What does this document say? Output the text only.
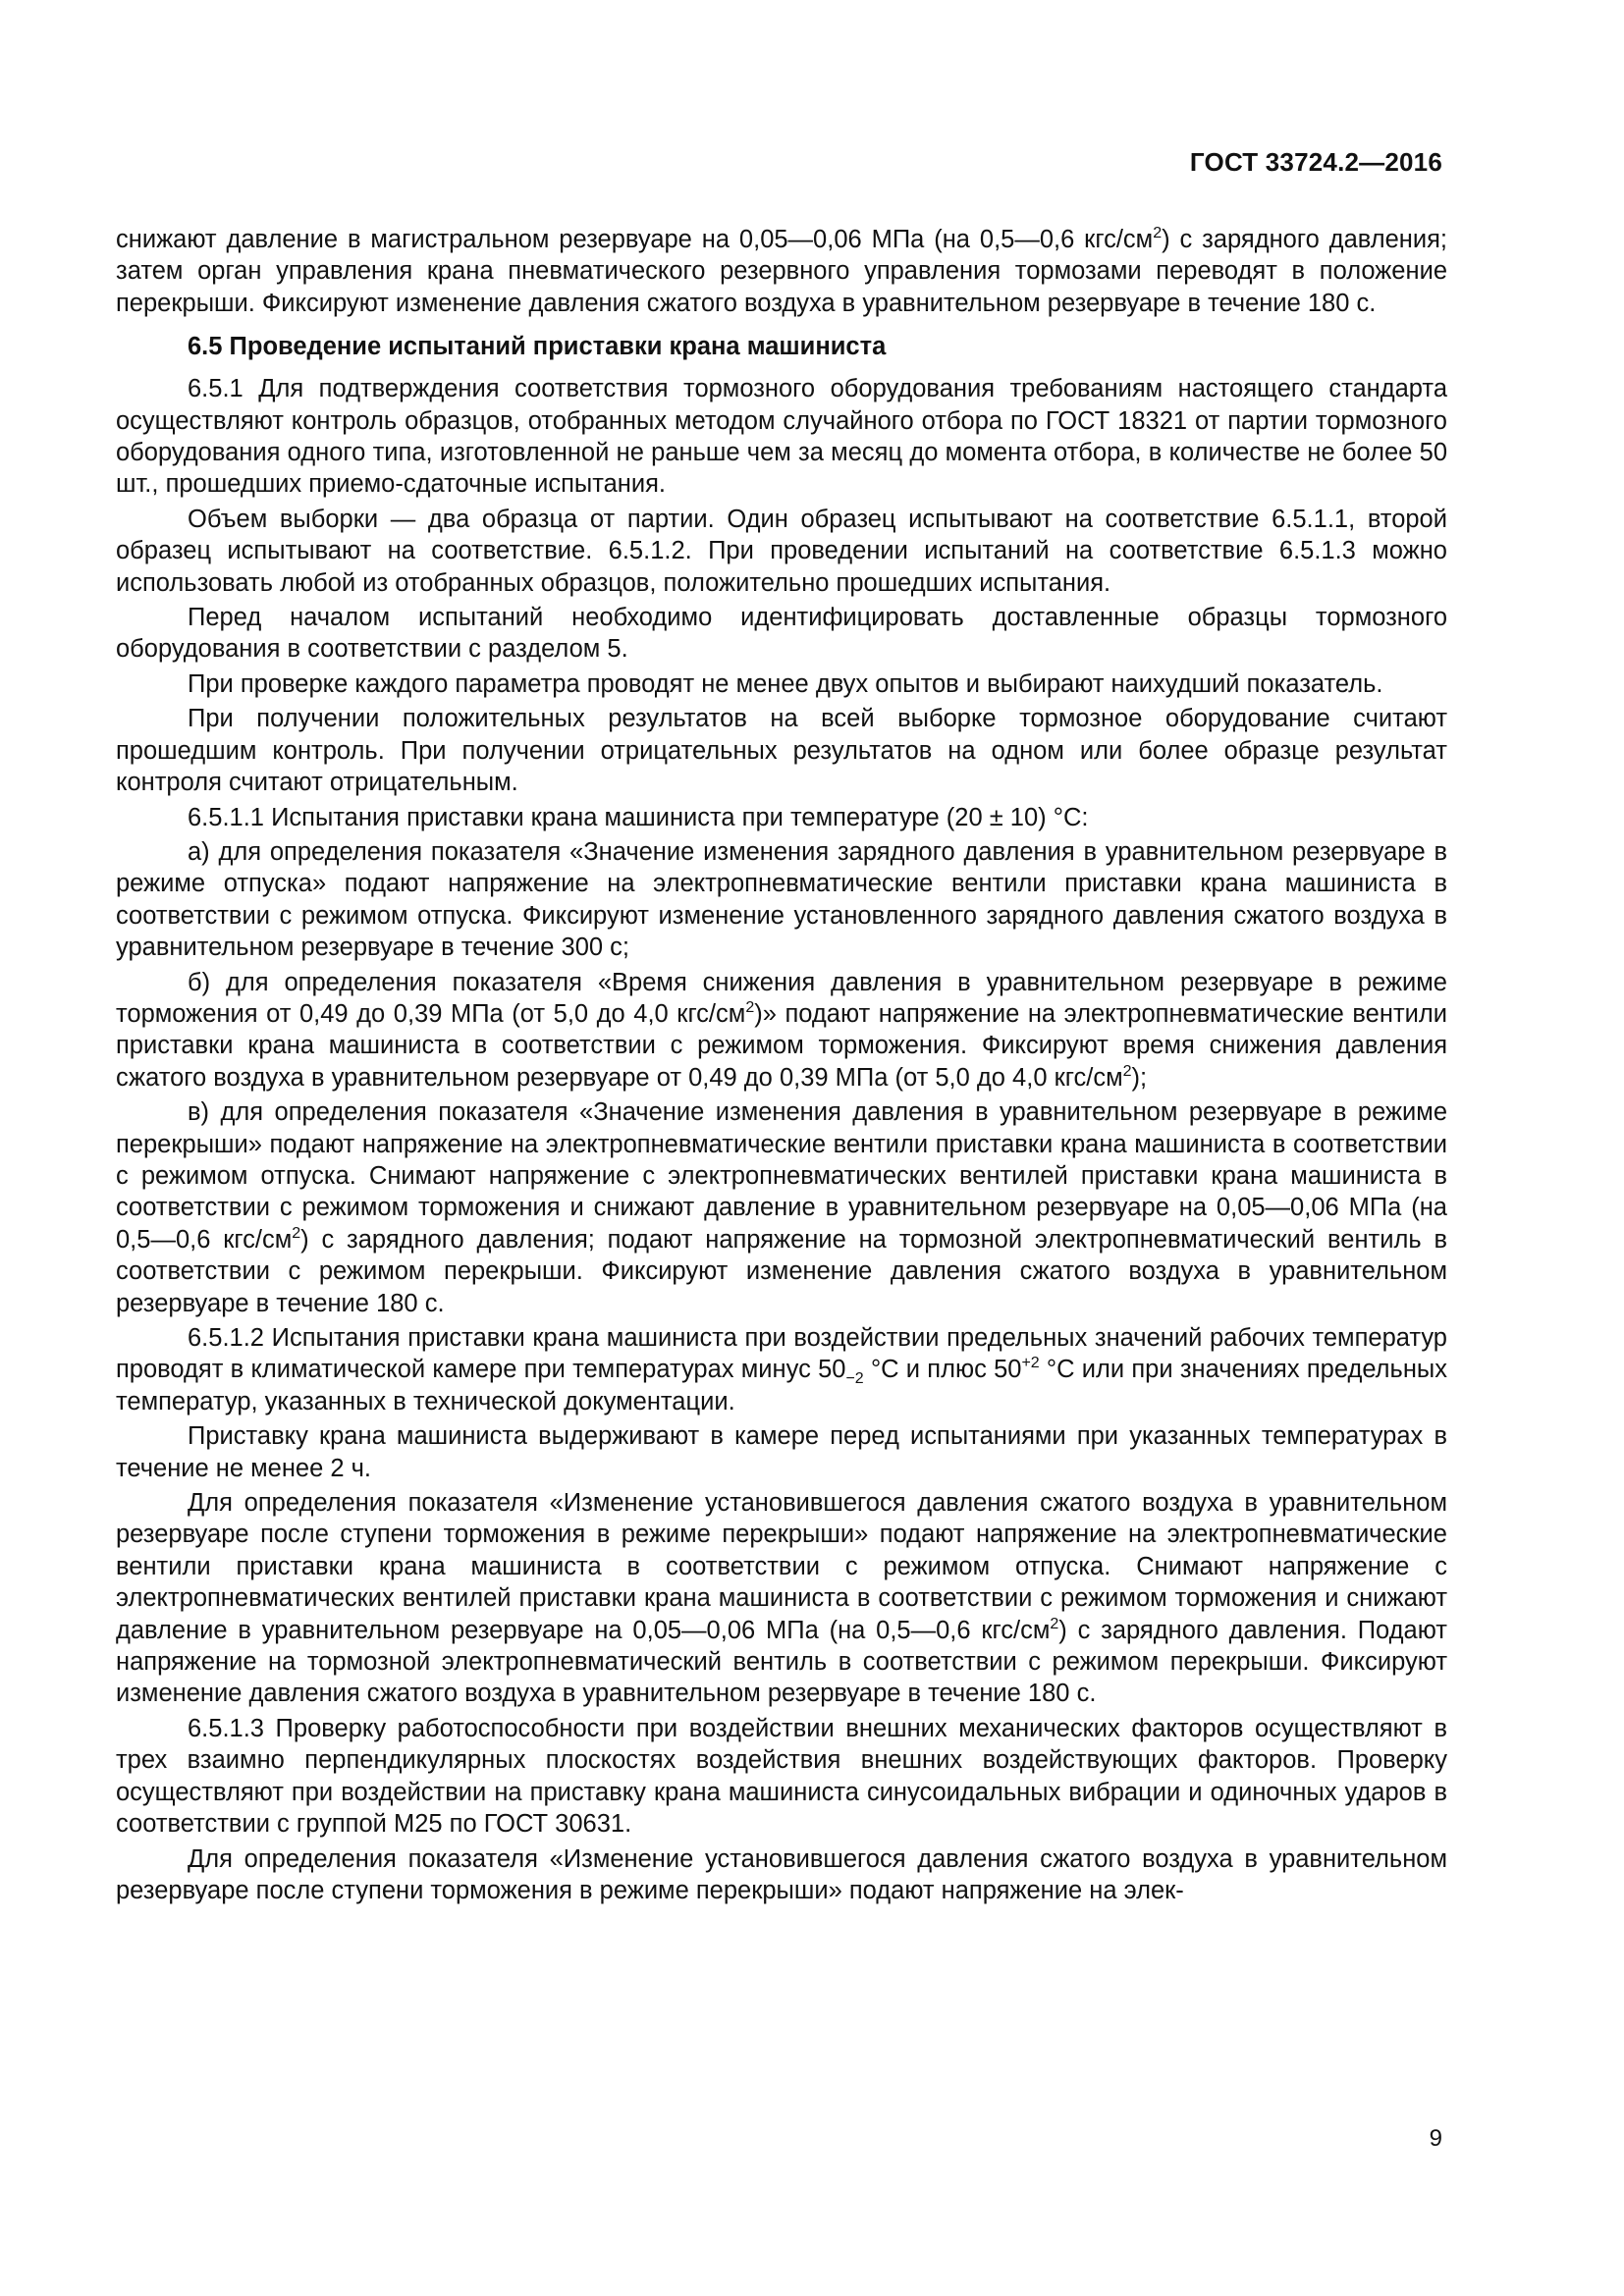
ГОСТ 33724.2—2016

снижают давление в магистральном резервуаре на 0,05—0,06 МПа (на 0,5—0,6 кгс/$см^2$) с зарядного давления; затем орган управления крана пневматического резервного управления тормозами переводят в положение перекрыши. Фиксируют изменение давления сжатого воздуха в уравнительном резервуаре в течение 180 с.

6.5 Проведение испытаний приставки крана машиниста

6.5.1 Для подтверждения соответствия тормозного оборудования требованиям настоящего стандарта осуществляют контроль образцов, отобранных методом случайного отбора по ГОСТ 18321 от партии тормозного оборудования одного типа, изготовленной не раньше чем за месяц до момента отбора, в количестве не более 50 шт., прошедших приемо-сдаточные испытания.

Объем выборки — два образца от партии. Один образец испытывают на соответствие 6.5.1.1, второй образец испытывают на соответствие. 6.5.1.2. При проведении испытаний на соответствие 6.5.1.3 можно использовать любой из отобранных образцов, положительно прошедших испытания.

Перед началом испытаний необходимо идентифицировать доставленные образцы тормозного оборудования в соответствии с разделом 5.

При проверке каждого параметра проводят не менее двух опытов и выбирают наихудший показатель.

При получении положительных результатов на всей выборке тормозное оборудование считают прошедшим контроль. При получении отрицательных результатов на одном или более образце результат контроля считают отрицательным.

6.5.1.1 Испытания приставки крана машиниста при температуре (20 ± 10) °С:

а) для определения показателя «Значение изменения зарядного давления в уравнительном резервуаре в режиме отпуска» подают напряжение на электропневматические вентили приставки крана машиниста в соответствии с режимом отпуска. Фиксируют изменение установленного зарядного давления сжатого воздуха в уравнительном резервуаре в течение 300 с;

б) для определения показателя «Время снижения давления в уравнительном резервуаре в режиме торможения от 0,49 до 0,39 МПа (от 5,0 до 4,0 кгс/$см^2$)» подают напряжение на электропневматические вентили приставки крана машиниста в соответствии с режимом торможения. Фиксируют время снижения давления сжатого воздуха в уравнительном резервуаре от 0,49 до 0,39 МПа (от 5,0 до 4,0 кгс/$см^2$);

в) для определения показателя «Значение изменения давления в уравнительном резервуаре в режиме перекрыши» подают напряжение на электропневматические вентили приставки крана машиниста в соответствии с режимом отпуска. Снимают напряжение с электропневматических вентилей приставки крана машиниста в соответствии с режимом торможения и снижают давление в уравнительном резервуаре на 0,05—0,06 МПа (на 0,5—0,6 кгс/$см^2$) с зарядного давления; подают напряжение на тормозной электропневматический вентиль в соответствии с режимом перекрыши. Фиксируют изменение давления сжатого воздуха в уравнительном резервуаре в течение 180 с.

6.5.1.2 Испытания приставки крана машиниста при воздействии предельных значений рабочих температур проводят в климатической камере при температурах минус $50_{-2}$ °С и плюс $50^{+2}$ °С или при значениях предельных температур, указанных в технической документации.

Приставку крана машиниста выдерживают в камере перед испытаниями при указанных температурах в течение не менее 2 ч.

Для определения показателя «Изменение установившегося давления сжатого воздуха в уравнительном резервуаре после ступени торможения в режиме перекрыши» подают напряжение на электропневматические вентили приставки крана машиниста в соответствии с режимом отпуска. Снимают напряжение с электропневматических вентилей приставки крана машиниста в соответствии с режимом торможения и снижают давление в уравнительном резервуаре на 0,05—0,06 МПа (на 0,5—0,6 кгс/$см^2$) с зарядного давления. Подают напряжение на тормозной электропневматический вентиль в соответствии с режимом перекрыши. Фиксируют изменение давления сжатого воздуха в уравнительном резервуаре в течение 180 с.

6.5.1.3 Проверку работоспособности при воздействии внешних механических факторов осуществляют в трех взаимно перпендикулярных плоскостях воздействия внешних воздействующих факторов. Проверку осуществляют при воздействии на приставку крана машиниста синусоидальных вибрации и одиночных ударов в соответствии с группой М25 по ГОСТ 30631.

Для определения показателя «Изменение установившегося давления сжатого воздуха в уравнительном резервуаре после ступени торможения в режиме перекрыши» подают напряжение на элек-

9
